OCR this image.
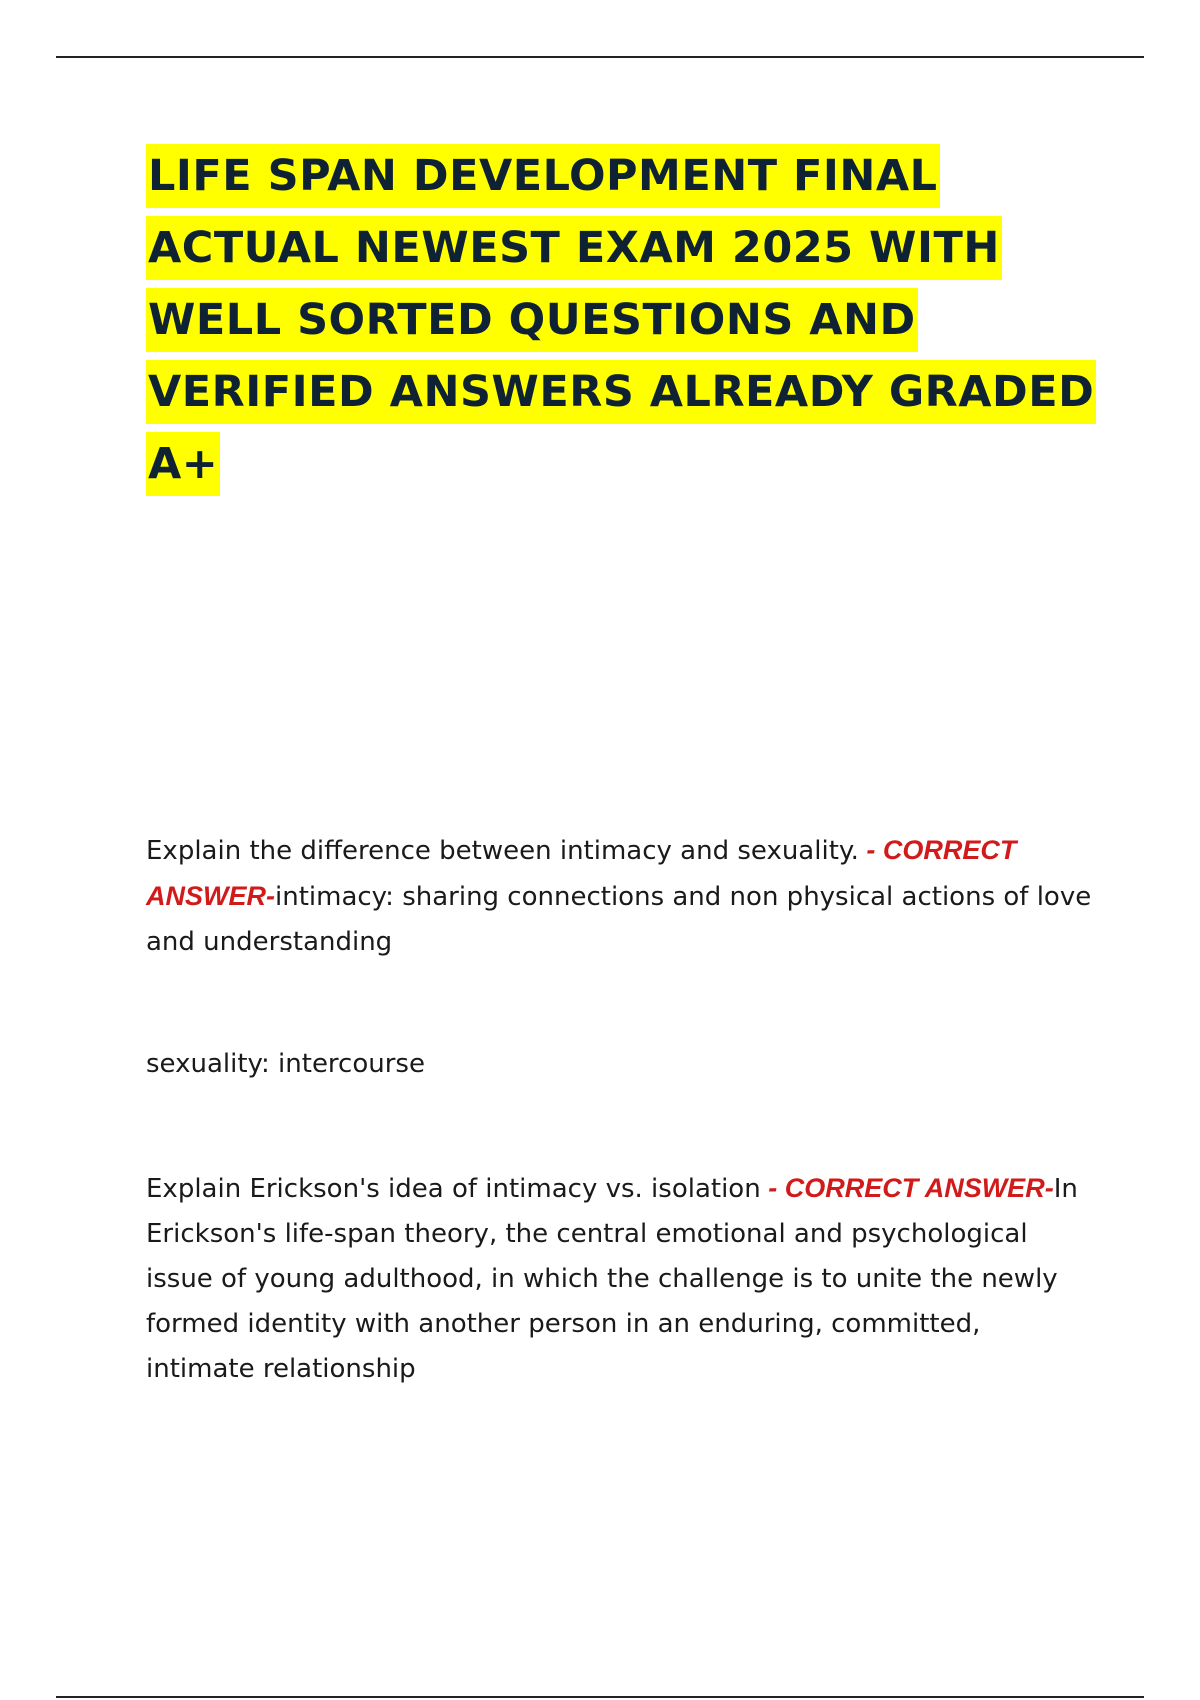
LIFE SPAN DEVELOPMENT FINAL
ACTUAL NEWEST EXAM 2025 WITH
WELL SORTED QUESTIONS AND
VERIFIED ANSWERS ALREADY GRADED
A+
Explain the difference between intimacy and sexuality. - CORRECT ANSWER-intimacy: sharing connections and non physical actions of love and understanding
sexuality: intercourse
Explain Erickson's idea of intimacy vs. isolation - CORRECT ANSWER-In Erickson's life-span theory, the central emotional and psychological issue of young adulthood, in which the challenge is to unite the newly formed identity with another person in an enduring, committed, intimate relationship
